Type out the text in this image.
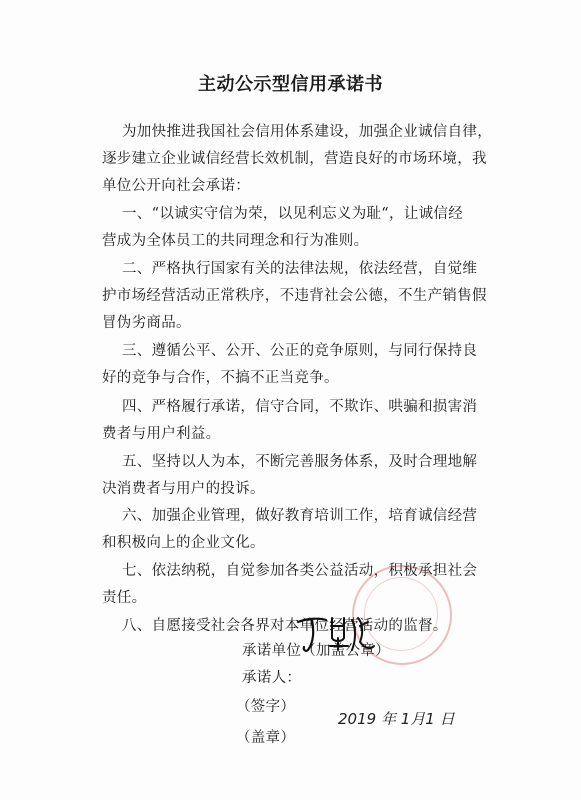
主动公示型信用承诺书
为加快推进我国社会信用体系建设，加强企业诚信自律，
逐步建立企业诚信经营长效机制，营造良好的市场环境，我
单位公开向社会承诺：
一、“以诚实守信为荣，以见利忘义为耻“，让诚信经
营成为全体员工的共同理念和行为准则。
二、严格执行国家有关的法律法规，依法经营，自觉维
护市场经营活动正常秩序，不违背社会公德，不生产销售假
冒伪劣商品。
三、遵循公平、公开、公正的竞争原则，与同行保持良
好的竞争与合作，不搞不正当竞争。
四、严格履行承诺，信守合同，不欺诈、哄骗和损害消
费者与用户利益。
五、坚持以人为本，不断完善服务体系，及时合理地解
决消费者与用户的投诉。
六、加强企业管理，做好教育培训工作，培育诚信经营
和积极向上的企业文化。
七、依法纳税，自觉参加各类公益活动，积极承担社会
责任。
八、自愿接受社会各界对本单位经营活动的监督。
承诺单位（加盖公章）
承诺人：
（签字）
（盖章）
2019 年 1月1 日
